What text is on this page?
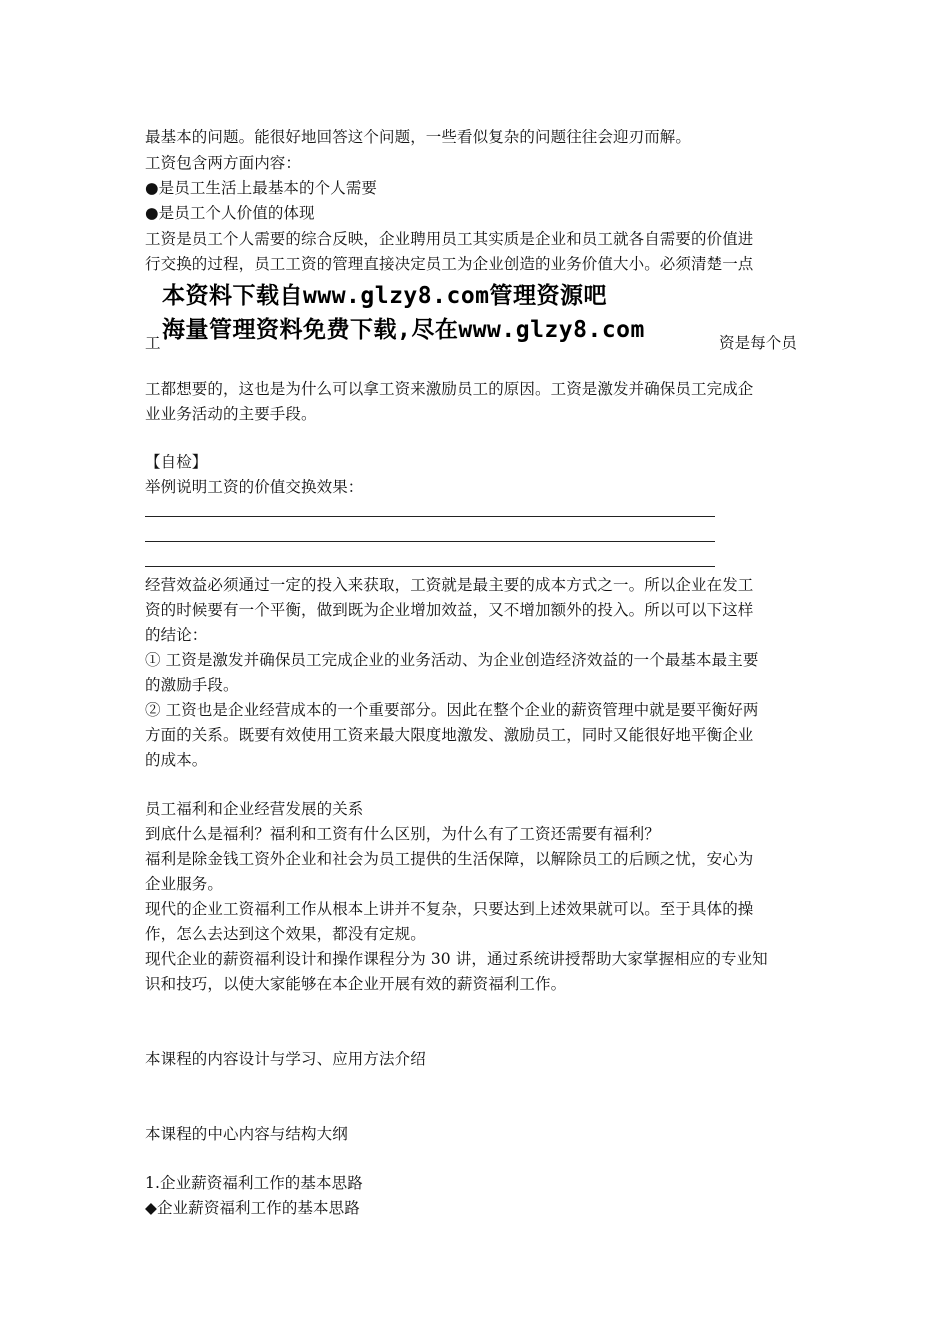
最基本的问题。能很好地回答这个问题，一些看似复杂的问题往往会迎刃而解。
工资包含两方面内容：
●是员工生活上最基本的个人需要
●是员工个人价值的体现
工资是员工个人需要的综合反映，企业聘用员工其实质是企业和员工就各自需要的价值进
行交换的过程，员工工资的管理直接决定员工为企业创造的业务价值大小。必须清楚一点
本资料下载自www.glzy8.com管理资源吧
海量管理资料免费下载,尽在www.glzy8.com
工	资是每个员
工都想要的，这也是为什么可以拿工资来激励员工的原因。工资是激发并确保员工完成企
业业务活动的主要手段。
【自检】
举例说明工资的价值交换效果：
经营效益必须通过一定的投入来获取，工资就是最主要的成本方式之一。所以企业在发工
资的时候要有一个平衡，做到既为企业增加效益，又不增加额外的投入。所以可以下这样
的结论：
① 工资是激发并确保员工完成企业的业务活动、为企业创造经济效益的一个最基本最主要
的激励手段。
② 工资也是企业经营成本的一个重要部分。因此在整个企业的薪资管理中就是要平衡好两
方面的关系。既要有效使用工资来最大限度地激发、激励员工，同时又能很好地平衡企业
的成本。
员工福利和企业经营发展的关系
到底什么是福利？福利和工资有什么区别，为什么有了工资还需要有福利？
福利是除金钱工资外企业和社会为员工提供的生活保障，以解除员工的后顾之忧，安心为
企业服务。
现代的企业工资福利工作从根本上讲并不复杂，只要达到上述效果就可以。至于具体的操
作，怎么去达到这个效果，都没有定规。
现代企业的薪资福利设计和操作课程分为 30 讲，通过系统讲授帮助大家掌握相应的专业知
识和技巧，以使大家能够在本企业开展有效的薪资福利工作。
本课程的内容设计与学习、应用方法介绍
本课程的中心内容与结构大纲
1.企业薪资福利工作的基本思路
◆企业薪资福利工作的基本思路
